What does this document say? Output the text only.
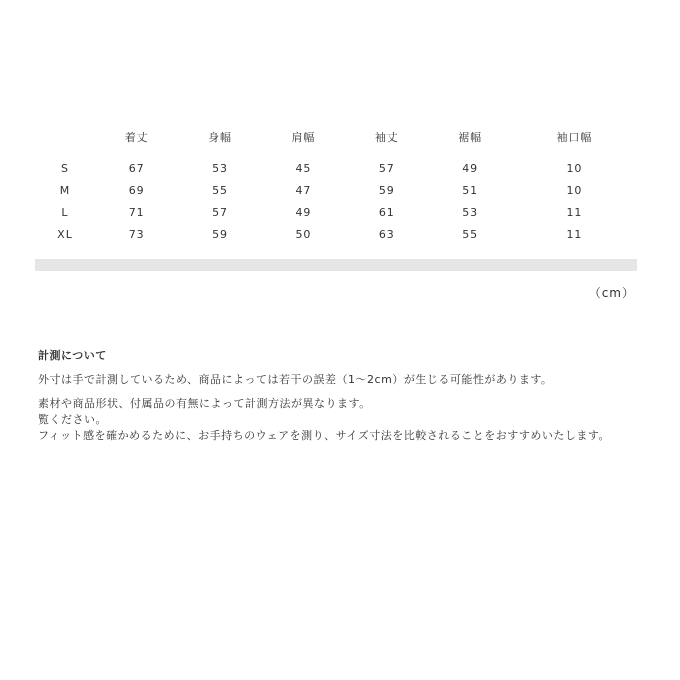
	着丈	身幅	肩幅	袖丈	裾幅	袖口幅
S	67	53	45	57	49	10
M	69	55	47	59	51	10
L	71	57	49	61	53	11
XL	73	59	50	63	55	11
（cm）
計測について

外寸は手で計測しているため、商品によっては若干の誤差（1〜2cm）が生じる可能性があります。

素材や商品形状、付属品の有無によって計測方法が異なります。

覧ください。

フィット感を確かめるために、お手持ちのウェアを測り、サイズ寸法を比較されることをおすすめいたします。
